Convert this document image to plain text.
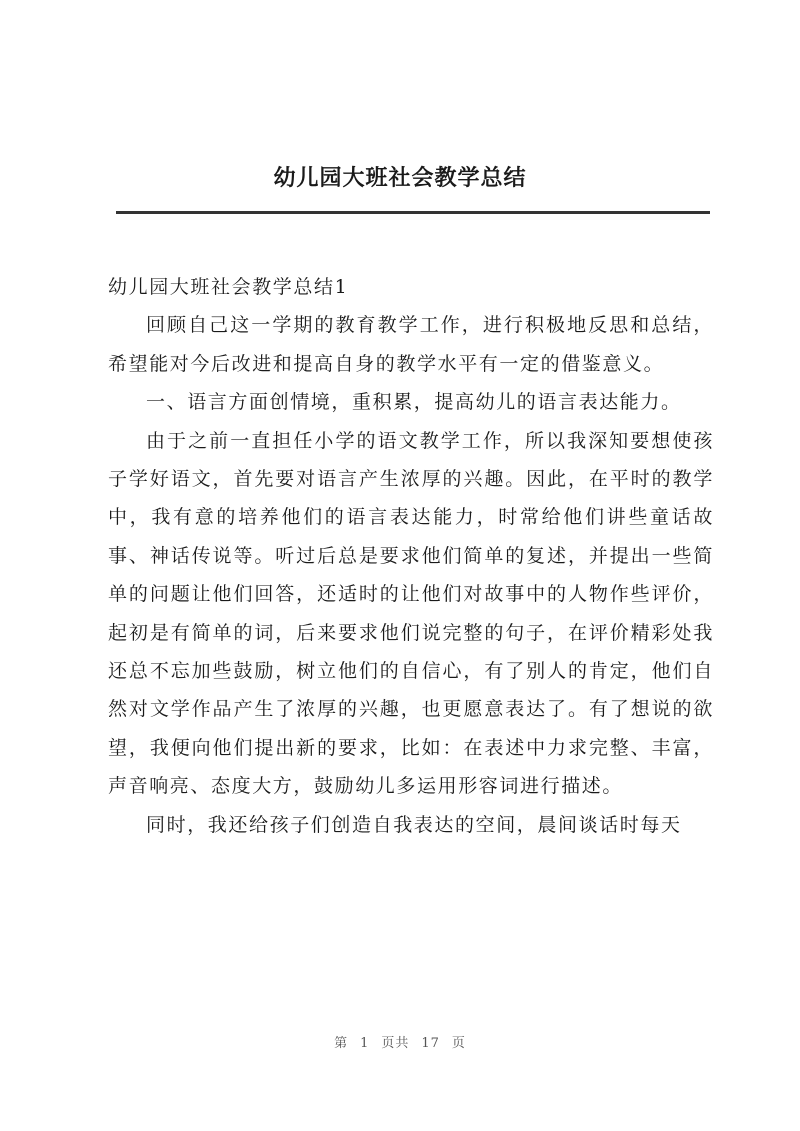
幼儿园大班社会教学总结

幼儿园大班社会教学总结1

回顾自己这一学期的教育教学工作，进行积极地反思和总结，希望能对今后改进和提高自身的教学水平有一定的借鉴意义。

一、语言方面创情境，重积累，提高幼儿的语言表达能力。

由于之前一直担任小学的语文教学工作，所以我深知要想使孩子学好语文，首先要对语言产生浓厚的兴趣。因此，在平时的教学中，我有意的培养他们的语言表达能力，时常给他们讲些童话故事、神话传说等。听过后总是要求他们简单的复述，并提出一些简单的问题让他们回答，还适时的让他们对故事中的人物作些评价，起初是有简单的词，后来要求他们说完整的句子，在评价精彩处我还总不忘加些鼓励，树立他们的自信心，有了别人的肯定，他们自然对文学作品产生了浓厚的兴趣，也更愿意表达了。有了想说的欲望，我便向他们提出新的要求，比如：在表述中力求完整、丰富，声音响亮、态度大方，鼓励幼儿多运用形容词进行描述。

同时，我还给孩子们创造自我表达的空间，晨间谈话时每天

第 1 页共 17 页
